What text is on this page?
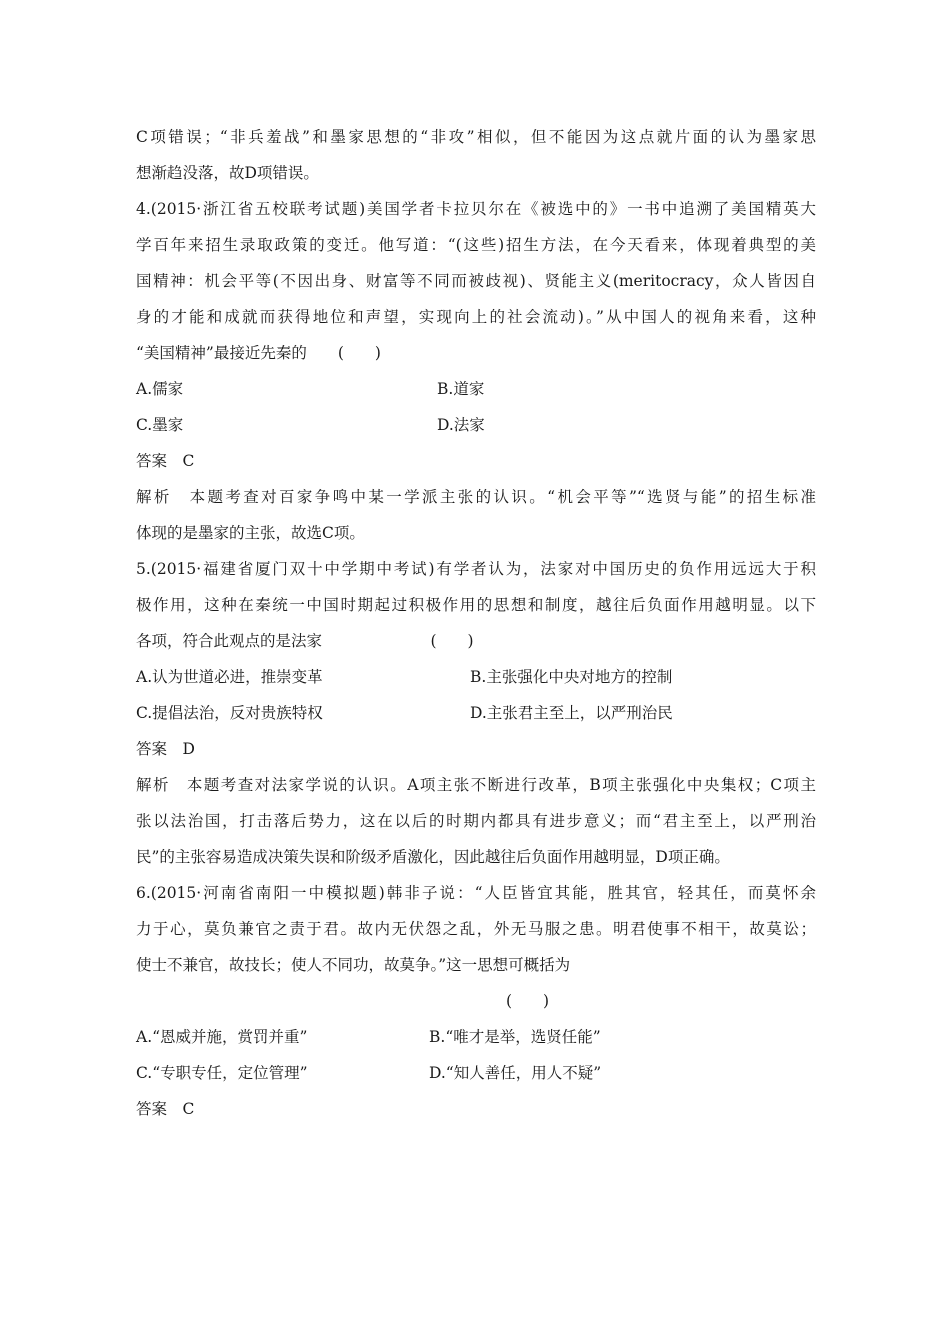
C项错误；“非兵羞战”和墨家思想的“非攻”相似，但不能因为这点就片面的认为墨家思
想渐趋没落，故D项错误。
4.(2015·浙江省五校联考试题)美国学者卡拉贝尔在《被选中的》一书中追溯了美国精英大
学百年来招生录取政策的变迁。他写道：“(这些)招生方法，在今天看来，体现着典型的美
国精神：机会平等(不因出身、财富等不同而被歧视)、贤能主义(meritocracy，众人皆因自
身的才能和成就而获得地位和声望，实现向上的社会流动)。”从中国人的视角来看，这种
“美国精神”最接近先秦的　　(　　)
A.儒家	B.道家
C.墨家	D.法家
答案　C
解析　本题考查对百家争鸣中某一学派主张的认识。“机会平等”“选贤与能”的招生标准
体现的是墨家的主张，故选C项。
5.(2015·福建省厦门双十中学期中考试)有学者认为，法家对中国历史的负作用远远大于积
极作用，这种在秦统一中国时期起过积极作用的思想和制度，越往后负面作用越明显。以下
各项，符合此观点的是法家　　　　　　　(　　)
A.认为世道必进，推崇变革	B.主张强化中央对地方的控制
C.提倡法治，反对贵族特权	D.主张君主至上，以严刑治民
答案　D
解析　本题考查对法家学说的认识。A项主张不断进行改革，B项主张强化中央集权；C项主
张以法治国，打击落后势力，这在以后的时期内都具有进步意义；而“君主至上，以严刑治
民”的主张容易造成决策失误和阶级矛盾激化，因此越往后负面作用越明显，D项正确。
6.(2015·河南省南阳一中模拟题)韩非子说：“人臣皆宜其能，胜其官，轻其任，而莫怀余
力于心，莫负兼官之责于君。故内无伏怨之乱，外无马服之患。明君使事不相干，故莫讼；
使士不兼官，故技长；使人不同功，故莫争。”这一思想可概括为
(　　)
A.“恩威并施，赏罚并重”	B.“唯才是举，选贤任能”
C.“专职专任，定位管理”	D.“知人善任，用人不疑”
答案　C
